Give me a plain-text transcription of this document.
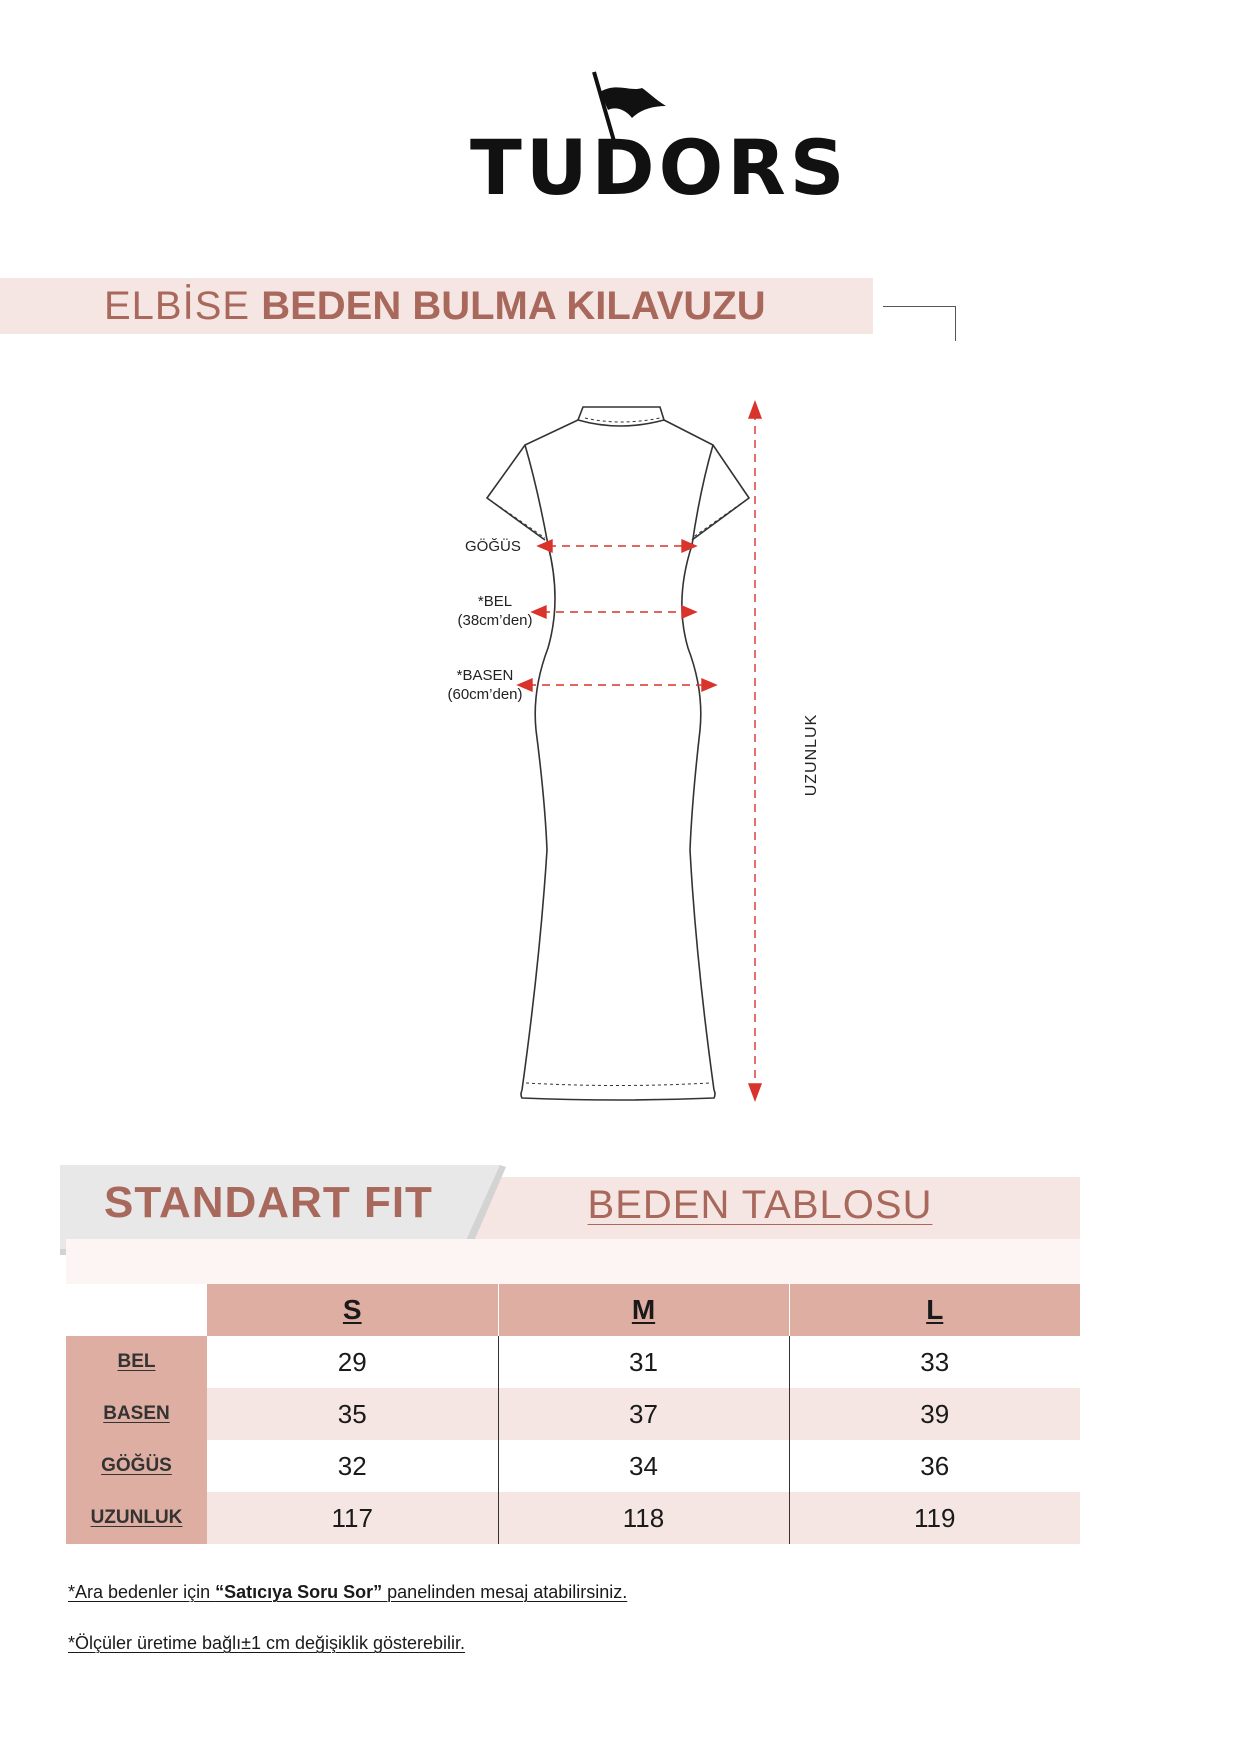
TUDORS
ELBİSE BEDEN BULMA KILAVUZU
GÖĞÜS
*BEL
(38cm’den)
*BASEN
(60cm’den)
UZUNLUK
STANDART FIT	BEDEN TABLOSU
	S	M	L
BEL	29	31	33
BASEN	35	37	39
GÖĞÜS	32	34	36
UZUNLUK	117	118	119
*Ara bedenler için “Satıcıya Soru Sor” panelinden mesaj atabilirsiniz.
*Ölçüler üretime bağlı±1 cm değişiklik gösterebilir.
